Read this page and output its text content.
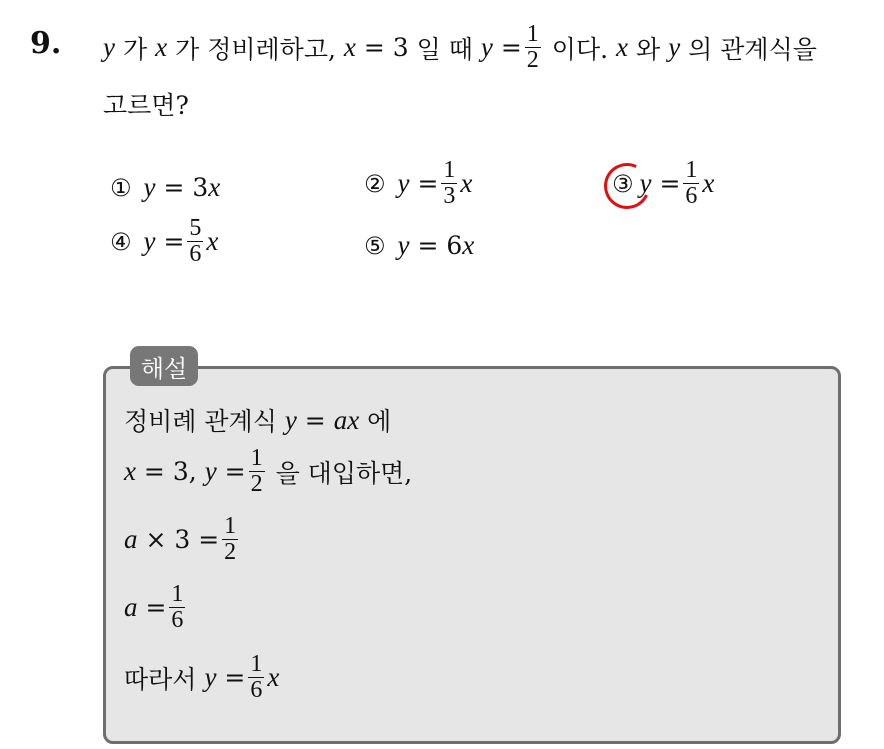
9. y 가 x 가 정비레하고, x = 3 일 때 $y = \frac{1}{2}$ 이다. x 와 y 의 관계식을
고르면?
① y = 3 x	② $y = \frac{1}{3}$ x	③ $y = \frac{1}{6}$ x
④ $y = \frac{5}{6}$ x	⑤ y = 6 x
해설
정비례 관계식 y = ax 에
x = 3, $y = \frac{1}{2}$ 을 대입하면,
a
× $3 = \frac{1}{2}$
$a = \frac{1}{6}$
따라서 $y = \frac{1}{6}$ x
